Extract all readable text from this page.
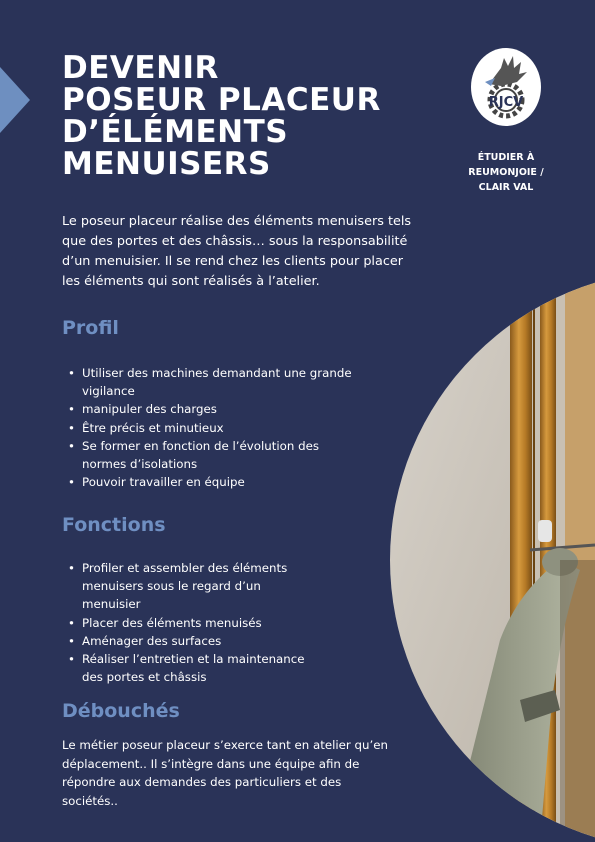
DEVENIR
POSEUR PLACEUR
D’ÉLÉMENTS
MENUISERS
RJCV
ÉTUDIER À
REUMONJOIE /
CLAIR VAL
Le poseur placeur réalise des éléments menuisers tels que des portes et des châssis… sous la responsabilité d’un menuisier. Il se rend chez les clients pour placer les éléments qui sont réalisés à l’atelier.
Profil
• Utiliser des machines demandant une grande vigilance
• manipuler des charges
• Être précis et minutieux
• Se former en fonction de l’évolution des normes d’isolations
• Pouvoir travailler en équipe
Fonctions
• Profiler et assembler des éléments menuisers sous le regard d’un menuisier
• Placer des éléments menuisés
• Aménager des surfaces
• Réaliser l’entretien et la maintenance des portes et châssis
Débouchés
Le métier poseur placeur s’exerce tant en atelier qu’en déplacement.. Il s’intègre dans une équipe afin de répondre aux demandes des particuliers et des sociétés..
